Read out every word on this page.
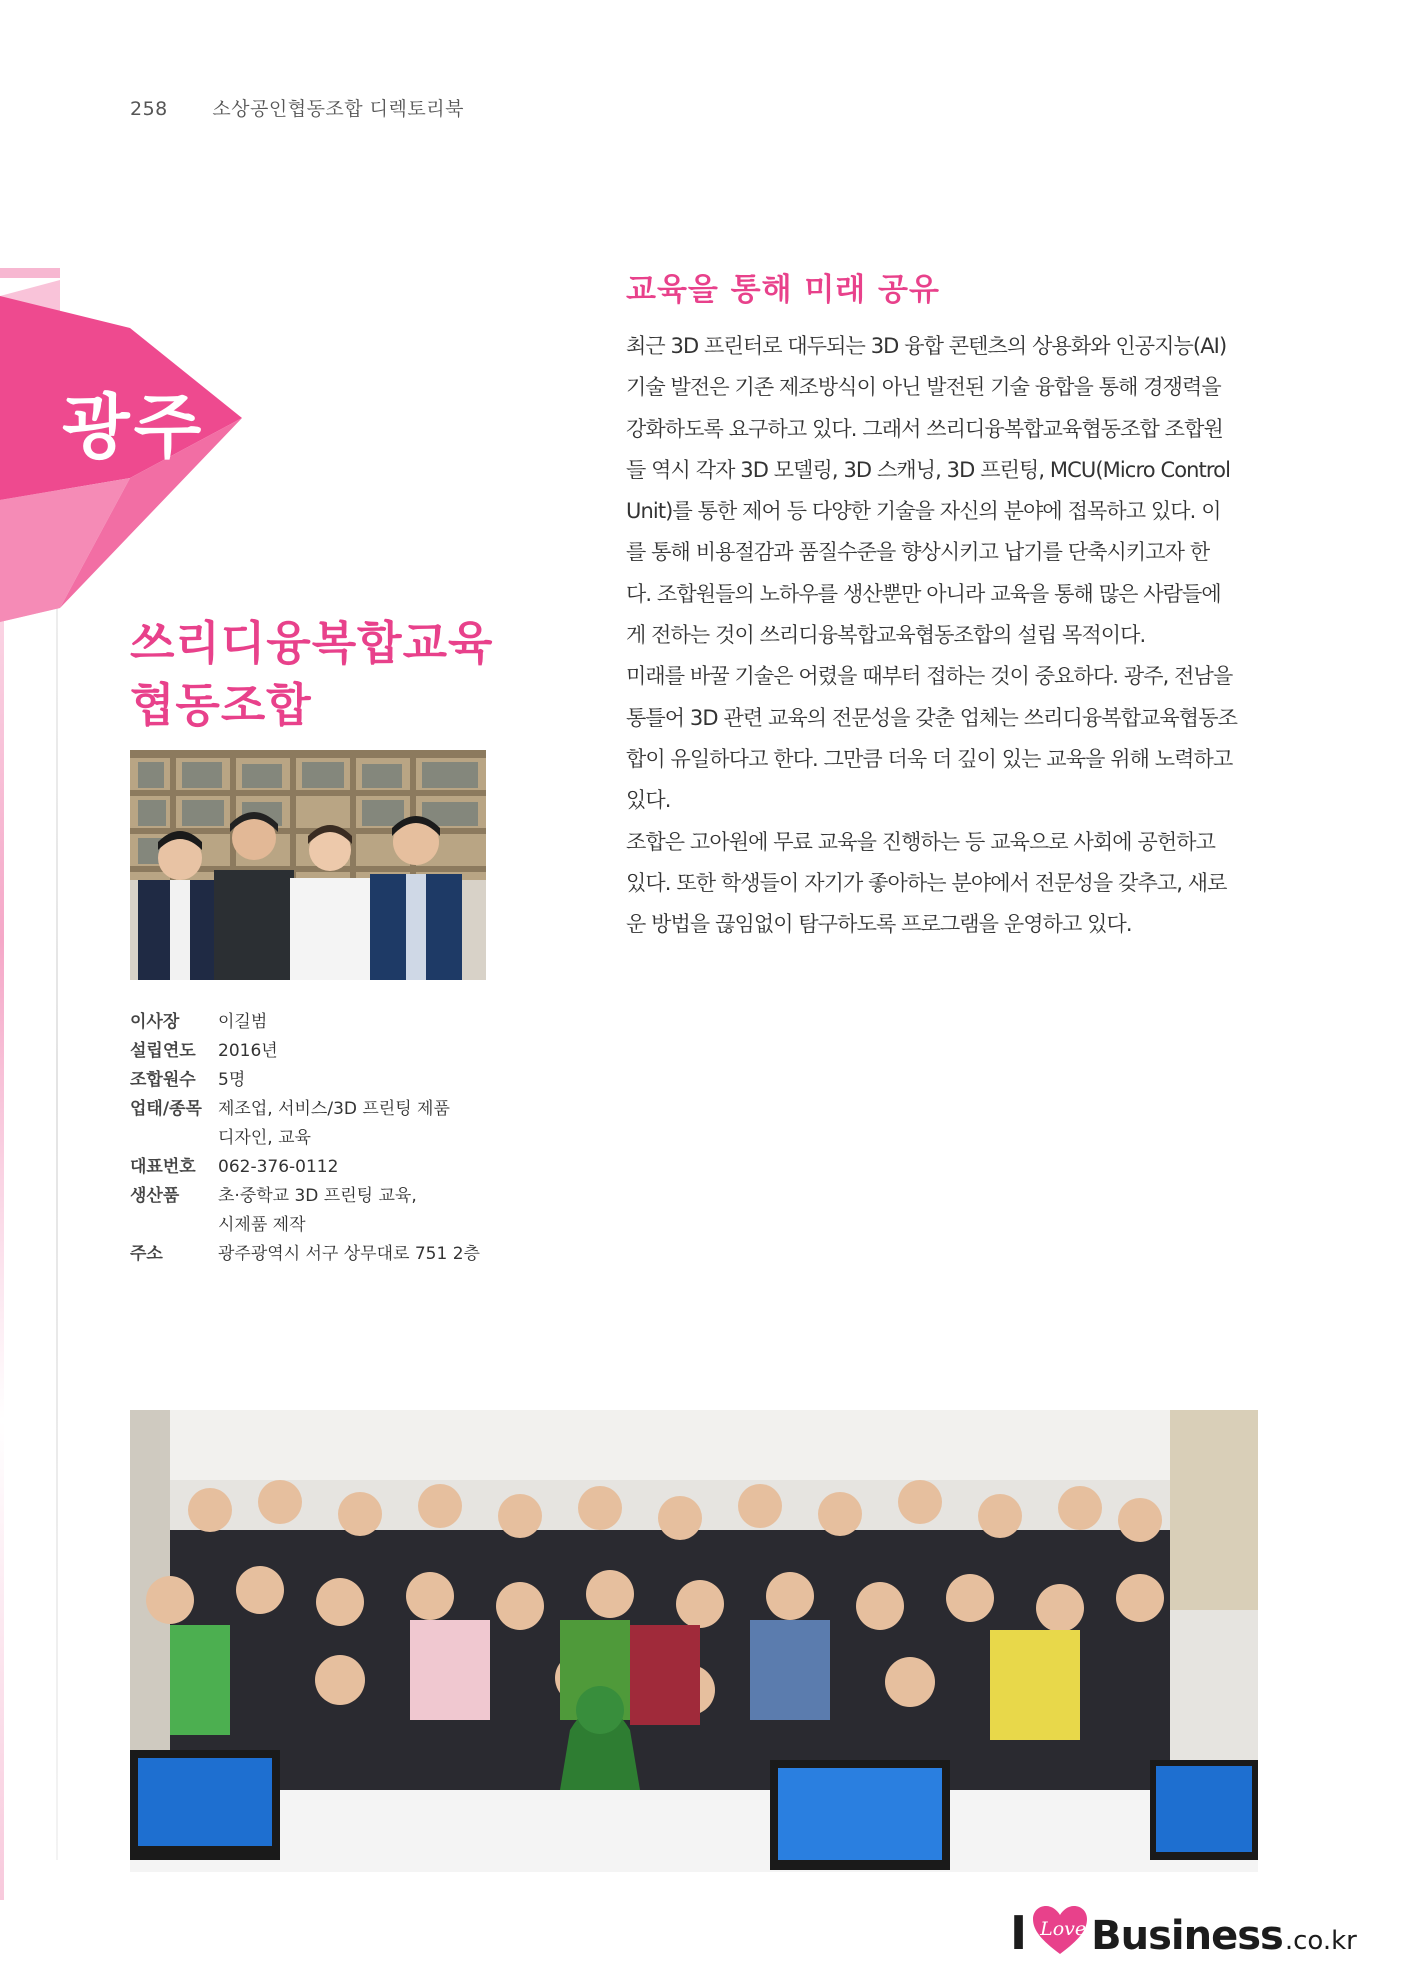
258 소상공인협동조합 디렉토리북
광주
쓰리디융복합교육
협동조합
이사장	이길범
설립연도	2016년
조합원수	5명
업태/종목 제조업, 서비스/3D 프린팅 제품
디자인, 교육
대표번호	062-376-0112
생산품	초·중학교 3D 프린팅 교육,
시제품 제작
주소	광주광역시 서구 상무대로 751 2층
교육을 통해 미래 공유
최근 3D 프린터로 대두되는 3D 융합 콘텐츠의 상용화와 인공지능(AI)
기술 발전은 기존 제조방식이 아닌 발전된 기술 융합을 통해 경쟁력을
강화하도록 요구하고 있다. 그래서 쓰리디융복합교육협동조합 조합원
들 역시 각자 3D 모델링, 3D 스캐닝, 3D 프린팅, MCU(Micro Control
Unit)를 통한 제어 등 다양한 기술을 자신의 분야에 접목하고 있다. 이
를 통해 비용절감과 품질수준을 향상시키고 납기를 단축시키고자 한
다. 조합원들의 노하우를 생산뿐만 아니라 교육을 통해 많은 사람들에
게 전하는 것이 쓰리디융복합교육협동조합의 설립 목적이다.
미래를 바꿀 기술은 어렸을 때부터 접하는 것이 중요하다. 광주, 전남을
통틀어 3D 관련 교육의 전문성을 갖춘 업체는 쓰리디융복합교육협동조
합이 유일하다고 한다. 그만큼 더욱 더 깊이 있는 교육을 위해 노력하고
있다.
조합은 고아원에 무료 교육을 진행하는 등 교육으로 사회에 공헌하고
있다. 또한 학생들이 자기가 좋아하는 분야에서 전문성을 갖추고, 새로
운 방법을 끊임없이 탐구하도록 프로그램을 운영하고 있다.
I Love Business .co.kr
